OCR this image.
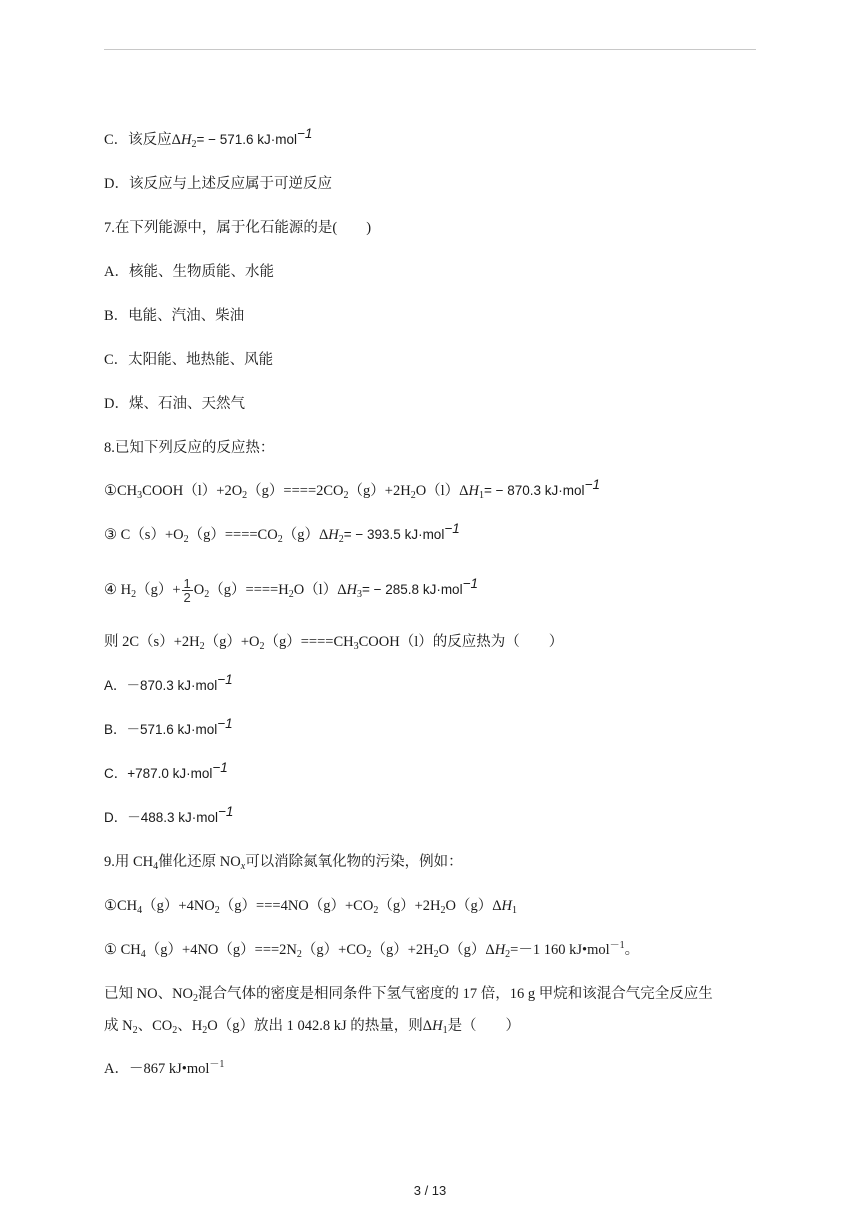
C．该反应$\Delta H_2= - 571.6$ kJ·mol$^{-1}$
D．该反应与上述反应属于可逆反应
7.在下列能源中，属于化石能源的是(　　)
A．核能、生物质能、水能
B．电能、汽油、柴油
C．太阳能、地热能、风能
D．煤、石油、天然气
8.已知下列反应的反应热：
$①CH_3COOH(l)+2O_2(g)====2CO_2(g)+2H_2O(l)\Delta H_1= - 870.3$ kJ·mol$^{-1}$
③ $C(s)+O_2(g)====CO_2(g)\Delta H_2= - 393.5$ kJ·mol$^{-1}$
④ $H_2(g)+ \frac{1}{2} O_2(g)====H_2O(l)\Delta H_3= - 285.8$ kJ·mol$^{-1}$
则 $2C(s)+2H_2(g)+O_2(g)====CH_3COOH(l)$的反应热为（　　）
A．－870.3 kJ·mol$^{-1}$
B．－571.6 kJ·mol$^{-1}$
C．+787.0 kJ·mol$^{-1}$
D．－488.3 kJ·mol$^{-1}$
9.用 $CH_4$催化还原 $NO_x$可以消除氮氧化物的污染，例如：
$①CH_4(g)+4NO_2(g)===4NO(g)+CO_2(g)+2H_2O(g)\Delta H_1$
① $CH_4(g)+4NO(g)===2N_2(g)+CO_2(g)+2H_2O(g)\Delta H_2=-1$ 160 kJ•mol$^{-1}$。
已知 NO、$NO_2$混合气体的密度是相同条件下氢气密度的 17 倍，16 g 甲烷和该混合气完全反应生
成 $N_2$、$CO_2$、$H_2O(g)$放出 1 042.8 kJ 的热量，则$\Delta H_1$是（　　）
A．－867 kJ•mol$^{-1}$
3 / 13
